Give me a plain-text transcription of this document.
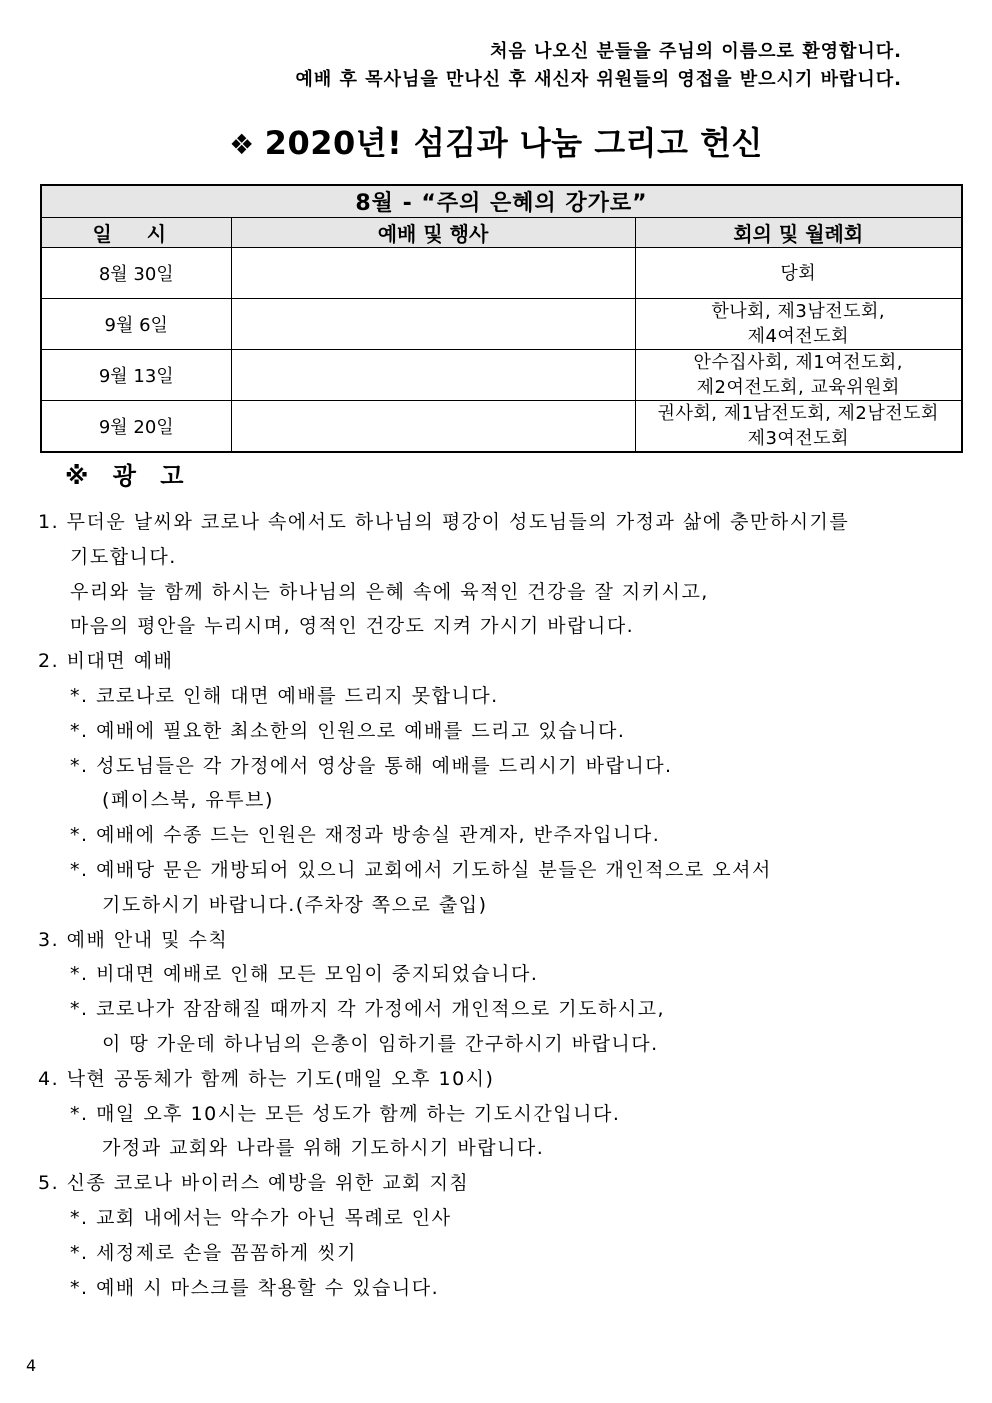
처음 나오신 분들을 주님의 이름으로 환영합니다.
예배 후 목사님을 만나신 후 새신자 위원들의 영접을 받으시기 바랍니다.
❖ 2020년! 섬김과 나눔 그리고 헌신
8월 - “주의 은혜의 강가로”		
일 시	예배 및 행사	회의 및 월례회
8월 30일		당회

9월 6일		한나회, 제3남전도회,
제4여전도회

9월 13일		안수집사회, 제1여전도회,
제2여전도회, 교육위원회

9월 20일		권사회, 제1남전도회, 제2남전도회
제3여전도회
※ 광 고
1. 무더운 날씨와 코로나 속에서도 하나님의 평강이 성도님들의 가정과 삶에 충만하시기를
기도합니다.
우리와 늘 함께 하시는 하나님의 은혜 속에 육적인 건강을 잘 지키시고,
마음의 평안을 누리시며, 영적인 건강도 지켜 가시기 바랍니다.
2. 비대면 예배
*. 코로나로 인해 대면 예배를 드리지 못합니다.
*. 예배에 필요한 최소한의 인원으로 예배를 드리고 있습니다.
*. 성도님들은 각 가정에서 영상을 통해 예배를 드리시기 바랍니다.
(페이스북, 유투브)
*. 예배에 수종 드는 인원은 재정과 방송실 관계자, 반주자입니다.
*. 예배당 문은 개방되어 있으니 교회에서 기도하실 분들은 개인적으로 오셔서
기도하시기 바랍니다.(주차장 쪽으로 출입)
3. 예배 안내 및 수칙
*. 비대면 예배로 인해 모든 모임이 중지되었습니다.
*. 코로나가 잠잠해질 때까지 각 가정에서 개인적으로 기도하시고,
이 땅 가운데 하나님의 은총이 임하기를 간구하시기 바랍니다.
4. 낙현 공동체가 함께 하는 기도(매일 오후 10시)
*. 매일 오후 10시는 모든 성도가 함께 하는 기도시간입니다.
가정과 교회와 나라를 위해 기도하시기 바랍니다.
5. 신종 코로나 바이러스 예방을 위한 교회 지침
*. 교회 내에서는 악수가 아닌 목례로 인사
*. 세정제로 손을 꼼꼼하게 씻기
*. 예배 시 마스크를 착용할 수 있습니다.
4
